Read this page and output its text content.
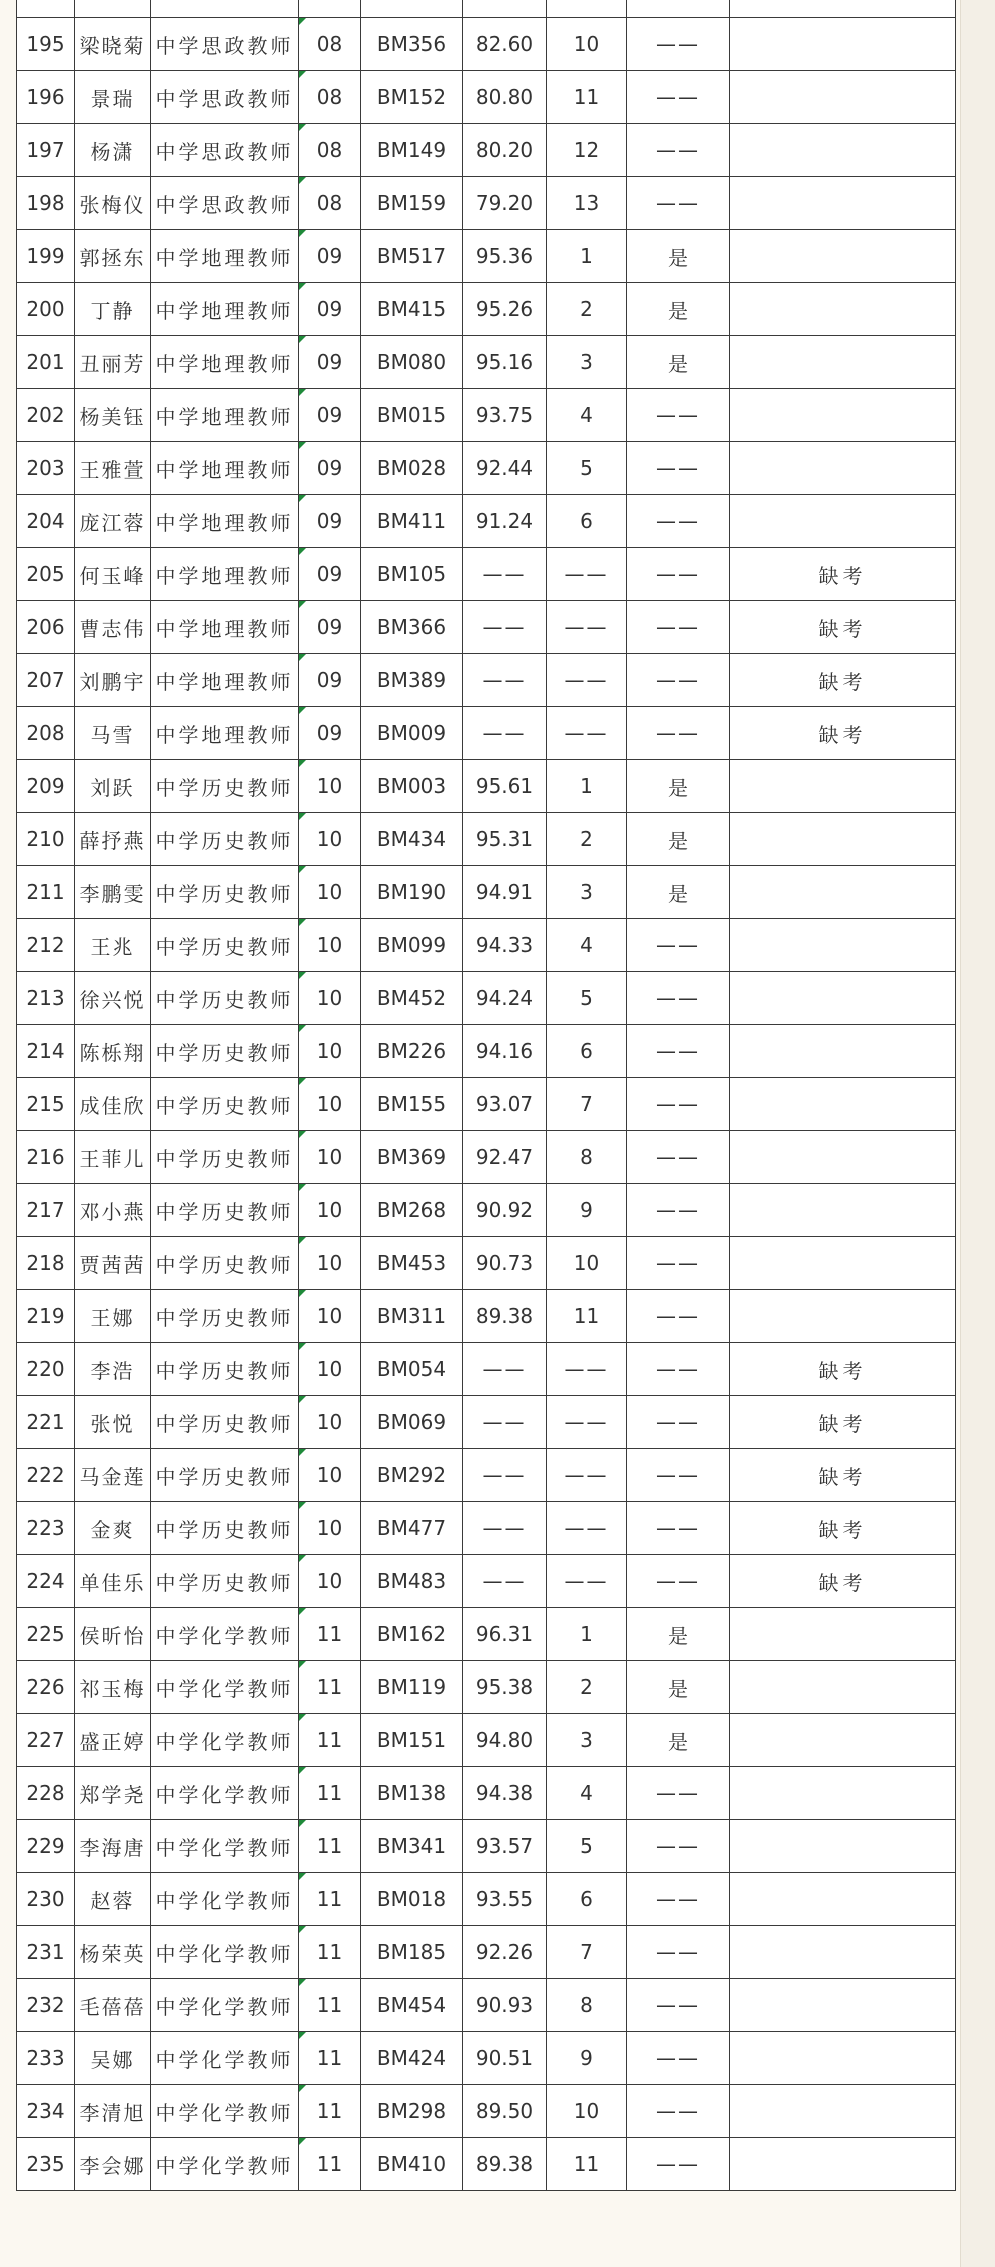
195	梁晓菊	中学思政教师	08	BM356	82.60	10	——	
196	景瑞	中学思政教师	08	BM152	80.80	11	——	
197	杨潇	中学思政教师	08	BM149	80.20	12	——	
198	张梅仪	中学思政教师	08	BM159	79.20	13	——	
199	郭拯东	中学地理教师	09	BM517	95.36	1	是	
200	丁静	中学地理教师	09	BM415	95.26	2	是	
201	丑丽芳	中学地理教师	09	BM080	95.16	3	是	
202	杨美钰	中学地理教师	09	BM015	93.75	4	——	
203	王雅萱	中学地理教师	09	BM028	92.44	5	——	
204	庞江蓉	中学地理教师	09	BM411	91.24	6	——	
205	何玉峰	中学地理教师	09	BM105	——	——	——	缺考
206	曹志伟	中学地理教师	09	BM366	——	——	——	缺考
207	刘鹏宇	中学地理教师	09	BM389	——	——	——	缺考
208	马雪	中学地理教师	09	BM009	——	——	——	缺考
209	刘跃	中学历史教师	10	BM003	95.61	1	是	
210	薛抒燕	中学历史教师	10	BM434	95.31	2	是	
211	李鹏雯	中学历史教师	10	BM190	94.91	3	是	
212	王兆	中学历史教师	10	BM099	94.33	4	——	
213	徐兴悦	中学历史教师	10	BM452	94.24	5	——	
214	陈栎翔	中学历史教师	10	BM226	94.16	6	——	
215	成佳欣	中学历史教师	10	BM155	93.07	7	——	
216	王菲儿	中学历史教师	10	BM369	92.47	8	——	
217	邓小燕	中学历史教师	10	BM268	90.92	9	——	
218	贾茜茜	中学历史教师	10	BM453	90.73	10	——	
219	王娜	中学历史教师	10	BM311	89.38	11	——	
220	李浩	中学历史教师	10	BM054	——	——	——	缺考
221	张悦	中学历史教师	10	BM069	——	——	——	缺考
222	马金莲	中学历史教师	10	BM292	——	——	——	缺考
223	金爽	中学历史教师	10	BM477	——	——	——	缺考
224	单佳乐	中学历史教师	10	BM483	——	——	——	缺考
225	侯昕怡	中学化学教师	11	BM162	96.31	1	是	
226	祁玉梅	中学化学教师	11	BM119	95.38	2	是	
227	盛正婷	中学化学教师	11	BM151	94.80	3	是	
228	郑学尧	中学化学教师	11	BM138	94.38	4	——	
229	李海唐	中学化学教师	11	BM341	93.57	5	——	
230	赵蓉	中学化学教师	11	BM018	93.55	6	——	
231	杨荣英	中学化学教师	11	BM185	92.26	7	——	
232	毛蓓蓓	中学化学教师	11	BM454	90.93	8	——	
233	吴娜	中学化学教师	11	BM424	90.51	9	——	
234	李清旭	中学化学教师	11	BM298	89.50	10	——	
235	李会娜	中学化学教师	11	BM410	89.38	11	——	
